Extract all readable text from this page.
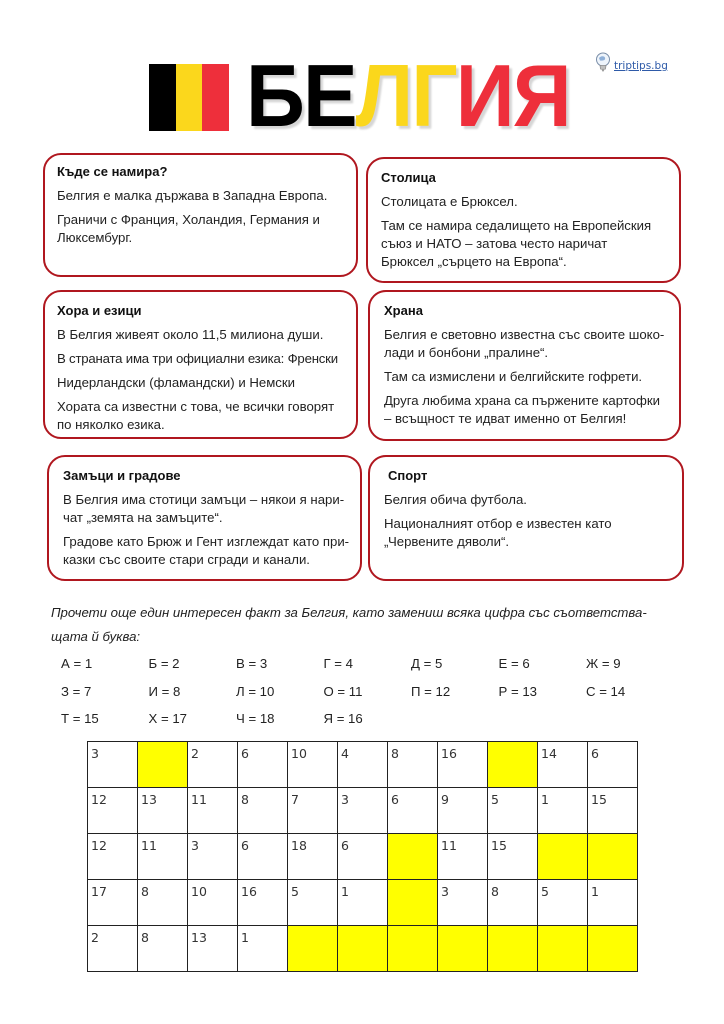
БЕЛГИЯ	triptips.bg
Къде се намира?

Белгия е малка държава в Западна Европа.

Граничи с Франция, Холандия, Германия и Люксембург.

Столица

Столицата е Брюксел.

Там се намира седалището на Европейския съюз и НАТО – затова често наричат Брюксел „сърцето на Европа“.

Хора и езици

В Белгия живеят около 11,5 милиона души.

В страната има три официални езика: Френски

Нидерландски (фламандски) и Немски

Хората са известни с това, че всички говорят по няколко езика.

Храна

Белгия е световно известна със своите шоко-лади и бонбони „пралине“.

Там са измислени и белгийските гофрети.

Друга любима храна са пържените картофки – всъщност те идват именно от Белгия!

Замъци и градове

В Белгия има стотици замъци – някои я нари-чат „земята на замъците“.

Градове като Брюж и Гент изглеждат като при-казки със своите стари сгради и канали.

Спорт

Белгия обича футбола.

Националният отбор е известен като „Червените дяволи“.

Прочети още един интересен факт за Белгия, като замениш всяка цифра със съответства-щата й буква:
А = 1	Б = 2	В = 3	Г = 4	Д = 5	Е = 6	Ж = 9
З = 7	И = 8	Л = 10	О = 11	П = 12	Р = 13	С = 14
Т = 15	Х = 17	Ч = 18	Я = 16
3		2	6	10	4	8	16		14	6

12	13	11	8	7	3	6	9	5	1	15

12	11	3	6	18	6		11	15		

17	8	10	16	5	1		3	8	5	1

2	8	13	1							
